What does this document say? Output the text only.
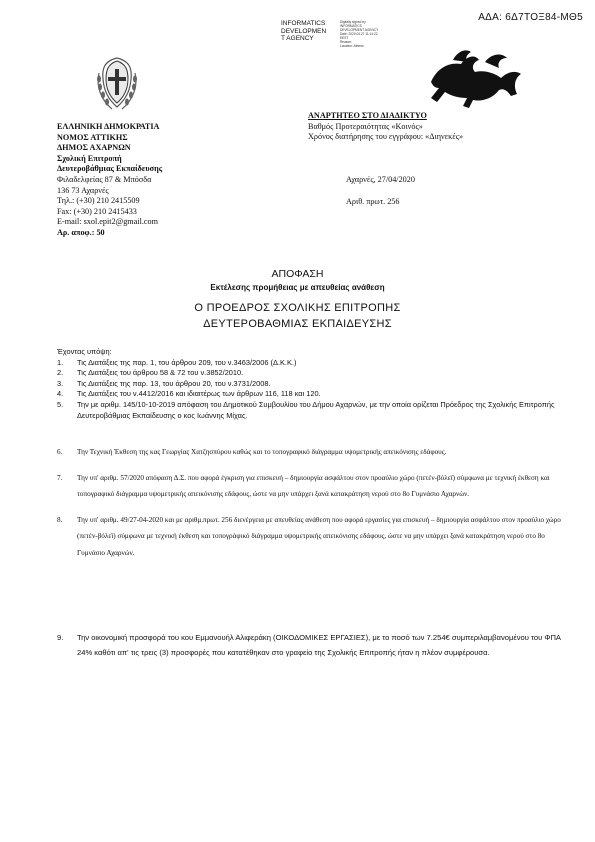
ΑΔΑ: 6Δ7ΤΟΞ84-ΜΘ5
INFORMATICS
DEVELOPMEN
T AGENCY
Digitally signed by
INFORMATICS
DEVELOPMENT AGENCY
Date: 2020.04.27 11:14:22
EEST
Reason:
Location: Athens
ΕΛΛΗΝΙΚΗ ΔΗΜΟΚΡΑΤΙΑ
ΝΟΜΟΣ ΑΤΤΙΚΗΣ
ΔΗΜΟΣ ΑΧΑΡΝΩΝ
Σχολική Επιτροπή
Δευτεροβάθμιας Εκπαίδευσης
Φιλαδελφείας 87 & Μπόσδα
136 73 Αχαρνές
Τηλ.: (+30) 210 2415509
Fax: (+30) 210 2415433
E-mail: sxol.epit2@gmail.com
Αρ. αποφ.: 50
ΑΝΑΡΤΗΤΕΟ ΣΤΟ ΔΙΑΔΙΚΤΥΟ
Βαθμός Προτεραιότητας «Κοινός»
Χρόνος διατήρησης του εγγράφου: «Διηνεκές»
Αχαρνές, 27/04/2020
Αριθ. πρωτ. 256
ΑΠΟΦΑΣΗ
Εκτέλεσης προμήθειας με απευθείας ανάθεση
Ο ΠΡΟΕΔΡΟΣ ΣΧΟΛΙΚΗΣ ΕΠΙΤΡΟΠΗΣ
ΔΕΥΤΕΡΟΒΑΘΜΙΑΣ ΕΚΠΑΙΔΕΥΣΗΣ
Έχοντας υπόψη:
1.	Τις Διατάξεις της παρ. 1, του άρθρου 209, του ν.3463/2006 (Δ.Κ.Κ.)
2.	Τις Διατάξεις του άρθρου 58 & 72 του ν.3852/2010.
3.	Τις Διατάξεις της παρ. 13, του άρθρου 20, του ν.3731/2008.
4.	Τις Διατάξεις του ν.4412/2016 και ιδιαιτέρως των άρθρων 116, 118 και 120.
5.	Την με αριθμ. 145/10-10-2019 απόφαση του Δημοτικού Συμβουλίου του Δήμου Αχαρνών, με την οποία ορίζεται Πρόεδρος της Σχολικής Επιτροπής Δευτεροβάθμιας Εκπαίδευσης ο κος Ιωάννης Μίχας.
6.	Την Τεχνική Έκθεση της κας Γεωργίας Χατζησπύρου καθώς και το τοπογραφικό διάγραμμα υψομετρικής απεικόνισης εδάφους.
7.	Την υπ' αριθμ. 57/2020 απόφαση Δ.Σ. που αφορά έγκριση για επισκευή – δημιουργία ασφάλτου στον προαύλιο χώρο (πετέν-βόλεϊ) σύμφωνα με τεχνική έκθεση και τοπογραφικό διάγραμμα υψομετρικής απεικόνισης εδάφους, ώστε να μην υπάρχει ξανά κατακράτηση νερού στο 8ο Γυμνάσιο Αχαρνών.
8.	Την υπ' αριθμ. 49/27-04-2020 και με αριθμ.πρωτ. 256 διενέργεια με απευθείας ανάθεση που αφορά εργασίες για επισκευή – δημιουργία ασφάλτου στον προαύλιο χώρο (πετέν-βόλεϊ) σύμφωνα με τεχνική έκθεση και τοπογράφικό διάγραμμα υψομετρικής απεικόνισης εδάφους, ώστε να μην υπάρχει ξανά κατακράτηση νερού στο 8ο Γυμνάσιο Αχαρνών.
9.	Την οικονομική προσφορά του κου Εμμανουήλ Αλιφεράκη (ΟΙΚΟΔΟΜΙΚΕΣ ΕΡΓΑΣΙΕΣ), με το ποσό των 7.254€ συμπεριλαμβανομένου του ΦΠΑ 24% καθότι απ' τις τρεις (3) προσφορές που κατατέθηκαν στο γραφείο της Σχολικής Επιτροπής ήταν η πλέον συμφέρουσα.
